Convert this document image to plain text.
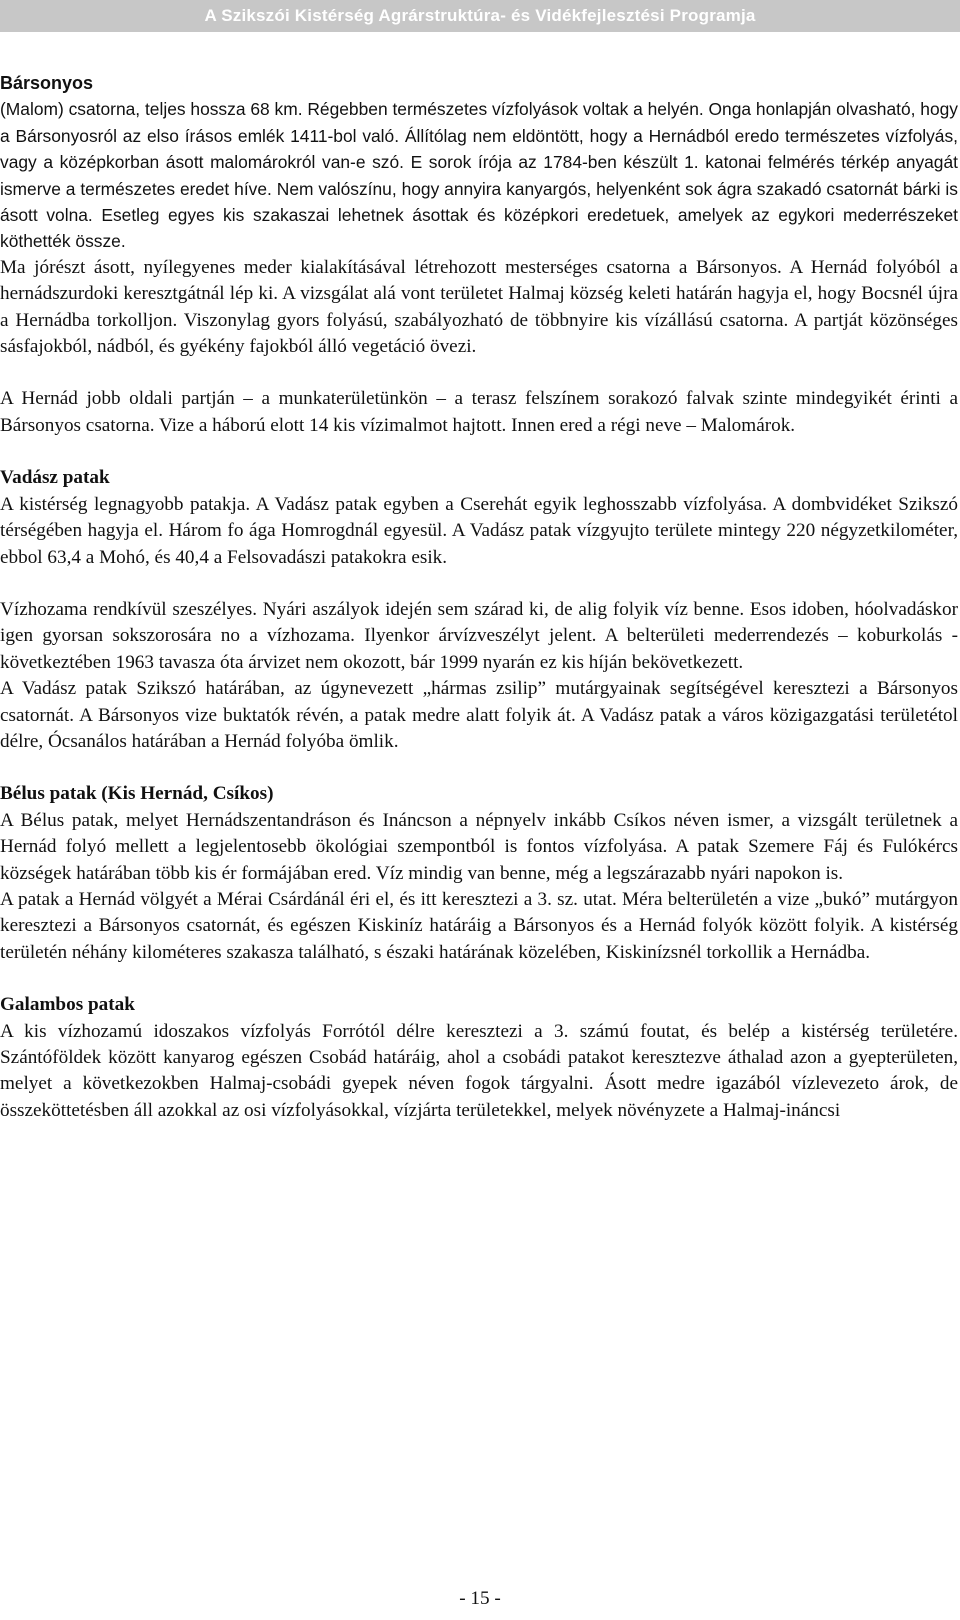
A Szikszói Kistérség Agrárstruktúra- és Vidékfejlesztési Programja

Bársonyos

(Malom) csatorna, teljes hossza 68 km. Régebben természetes vízfolyások voltak a helyén. Onga honlapján olvasható, hogy a Bársonyosról az elso írásos emlék 1411-bol való. Állítólag nem eldöntött, hogy a Hernádból eredo természetes vízfolyás, vagy a középkorban ásott malomárokról van-e szó. E sorok írója az 1784-ben készült 1. katonai felmérés térkép anyagát ismerve a természetes eredet híve. Nem valószínu, hogy annyira kanyargós, helyenként sok ágra szakadó csatornát bárki is ásott volna. Esetleg egyes kis szakaszai lehetnek ásottak és középkori eredetuek, amelyek az egykori mederrészeket köthették össze.

Ma jórészt ásott, nyílegyenes meder kialakításával létrehozott mesterséges csatorna a Bársonyos. A Hernád folyóból a hernádszurdoki keresztgátnál lép ki. A vizsgálat alá vont területet Halmaj község keleti határán hagyja el, hogy Bocsnél újra a Hernádba torkolljon. Viszonylag gyors folyású, szabályozható de többnyire kis vízállású csatorna. A partját közönséges sásfajokból, nádból, és gyékény fajokból álló vegetáció övezi.

A Hernád jobb oldali partján – a munkaterületünkön – a terasz felszínem sorakozó falvak szinte mindegyikét érinti a Bársonyos csatorna. Vize a háború elott 14 kis vízimalmot hajtott. Innen ered a régi neve – Malomárok.

Vadász patak

A kistérség legnagyobb patakja. A Vadász patak egyben a Cserehát egyik leghosszabb vízfolyása. A dombvidéket Szikszó térségében hagyja el. Három fo ága Homrogdnál egyesül. A Vadász patak vízgyujto területe mintegy 220 négyzetkilométer, ebbol 63,4 a Mohó, és 40,4 a Felsovadászi patakokra esik.

Vízhozama rendkívül szeszélyes. Nyári aszályok idején sem szárad ki, de alig folyik víz benne. Esos idoben, hóolvadáskor igen gyorsan sokszorosára no a vízhozama. Ilyenkor árvízveszélyt jelent. A belterületi mederrendezés – koburkolás - következtében 1963 tavasza óta árvizet nem okozott, bár 1999 nyarán ez kis híján bekövetkezett.

A Vadász patak Szikszó határában, az úgynevezett „hármas zsilip” mutárgyainak segítségével keresztezi a Bársonyos csatornát. A Bársonyos vize buktatók révén, a patak medre alatt folyik át. A Vadász patak a város közigazgatási területétol délre, Ócsanálos határában a Hernád folyóba ömlik.

Bélus patak (Kis Hernád, Csíkos)

A Bélus patak, melyet Hernádszentandráson és Ináncson a népnyelv inkább Csíkos néven ismer, a vizsgált területnek a Hernád folyó mellett a legjelentosebb ökológiai szempontból is fontos vízfolyása. A patak Szemere Fáj és Fulókércs községek határában több kis ér formájában ered. Víz mindig van benne, még a legszárazabb nyári napokon is.

A patak a Hernád völgyét a Mérai Csárdánál éri el, és itt keresztezi a 3. sz. utat. Méra belterületén a vize „bukó” mutárgyon keresztezi a Bársonyos csatornát, és egészen Kiskiníz határáig a Bársonyos és a Hernád folyók között folyik. A kistérség területén néhány kilométeres szakasza található, s északi határának közelében, Kiskinízsnél torkollik a Hernádba.

Galambos patak

A kis vízhozamú idoszakos vízfolyás Forrótól délre keresztezi a 3. számú foutat, és belép a kistérség területére. Szántóföldek között kanyarog egészen Csobád határáig, ahol a csobádi patakot keresztezve áthalad azon a gyepterületen, melyet a következokben Halmaj-csobádi gyepek néven fogok tárgyalni. Ásott medre igazából vízlevezeto árok, de összeköttetésben áll azokkal az osi vízfolyásokkal, vízjárta területekkel, melyek növényzete a Halmaj-ináncsi

- 15 -
